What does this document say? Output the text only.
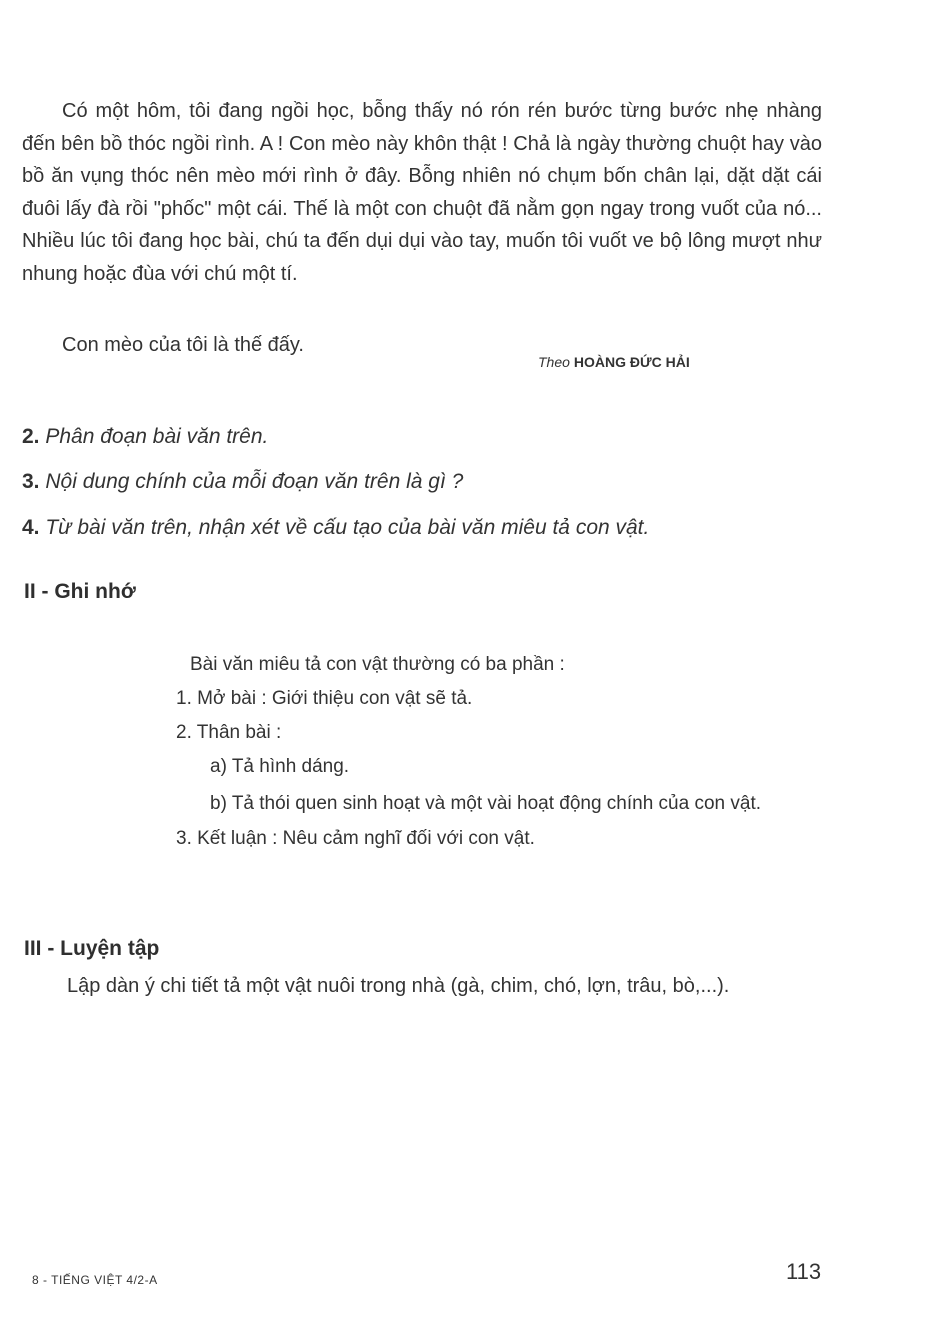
Có một hôm, tôi đang ngồi học, bỗng thấy nó rón rén bước từng bước nhẹ nhàng đến bên bồ thóc ngồi rình. A ! Con mèo này khôn thật ! Chả là ngày thường chuột hay vào bồ ăn vụng thóc nên mèo mới rình ở đây. Bỗng nhiên nó chụm bốn chân lại, dặt dặt cái đuôi lấy đà rồi "phốc" một cái. Thế là một con chuột đã nằm gọn ngay trong vuốt của nó... Nhiều lúc tôi đang học bài, chú ta đến dụi dụi vào tay, muốn tôi vuốt ve bộ lông mượt như nhung hoặc đùa với chú một tí.

Con mèo của tôi là thế đấy.

Theo HOÀNG ĐỨC HẢI
2. Phân đoạn bài văn trên.
3. Nội dung chính của mỗi đoạn văn trên là gì ?
4. Từ bài văn trên, nhận xét về cấu tạo của bài văn miêu tả con vật.
II - Ghi nhớ
Bài văn miêu tả con vật thường có ba phần :
1. Mở bài : Giới thiệu con vật sẽ tả.
2. Thân bài :
a) Tả hình dáng.
b) Tả thói quen sinh hoạt và một vài hoạt động chính của con vật.
3. Kết luận : Nêu cảm nghĩ đối với con vật.
III - Luyện tập
Lập dàn ý chi tiết tả một vật nuôi trong nhà (gà, chim, chó, lợn, trâu, bò,...).
8 - TIẾNG VIỆT 4/2-A	113
